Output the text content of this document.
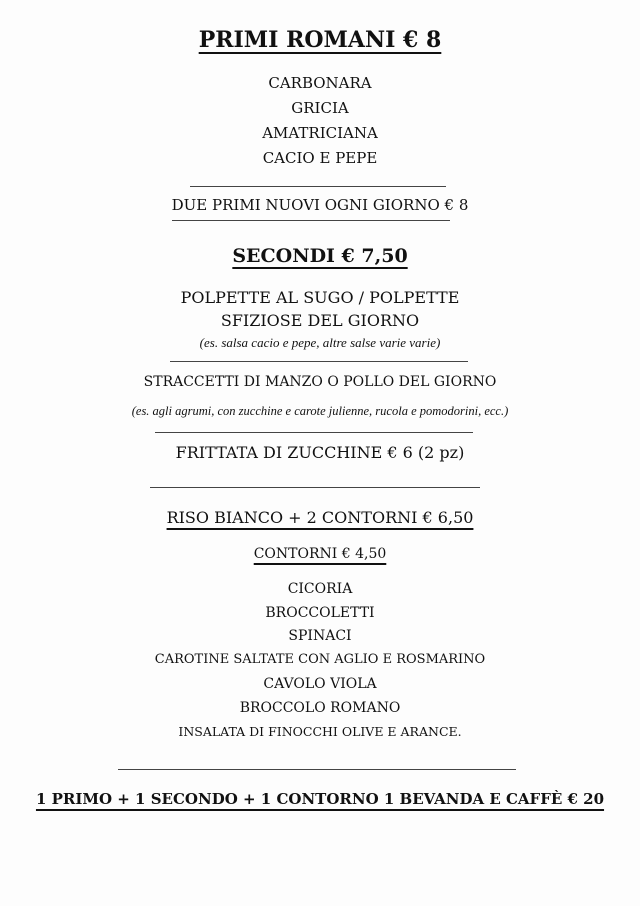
PRIMI ROMANI € 8
CARBONARA
GRICIA
AMATRICIANA
CACIO E PEPE
DUE PRIMI NUOVI OGNI GIORNO € 8
SECONDI € 7,50
POLPETTE AL SUGO / POLPETTE
SFIZIOSE DEL GIORNO
(es. salsa cacio e pepe, altre salse varie varie)
STRACCETTI DI MANZO O POLLO DEL GIORNO
(es. agli agrumi, con zucchine e carote julienne, rucola e pomodorini, ecc.)
FRITTATA DI ZUCCHINE € 6 (2 pz)
RISO BIANCO + 2 CONTORNI € 6,50
CONTORNI € 4,50
CICORIA
BROCCOLETTI
SPINACI
CAROTINE SALTATE CON AGLIO E ROSMARINO
CAVOLO VIOLA
BROCCOLO ROMANO
INSALATA DI FINOCCHI OLIVE E ARANCE.
1 PRIMO + 1 SECONDO + 1 CONTORNO 1 BEVANDA E CAFFÈ € 20
